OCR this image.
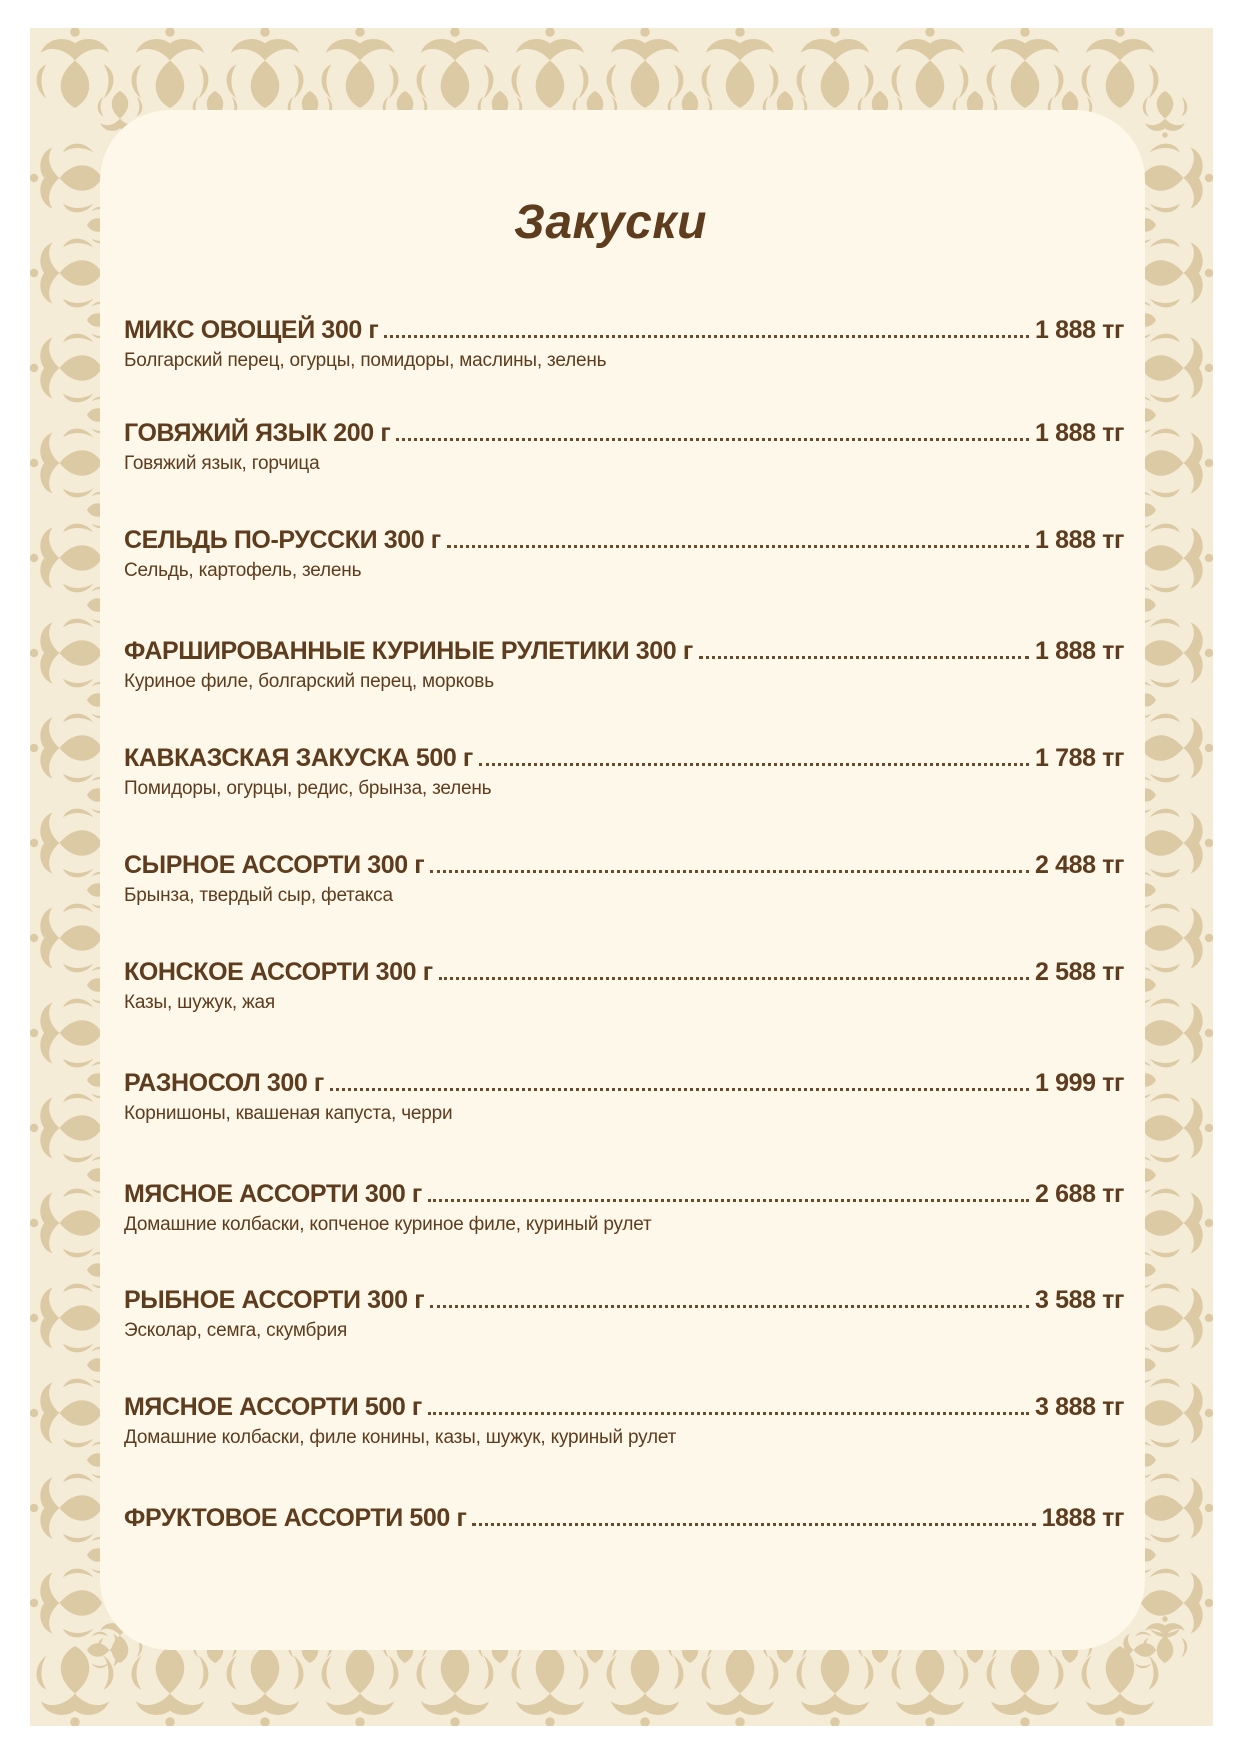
Закуски
МИКС ОВОЩЕЙ 300 г	1 888 тг
Болгарский перец, огурцы, помидоры, маслины, зелень
ГОВЯЖИЙ ЯЗЫК 200 г	1 888 тг
Говяжий язык, горчица
СЕЛЬДЬ ПО-РУССКИ 300 г	1 888 тг
Сельдь, картофель, зелень
ФАРШИРОВАННЫЕ КУРИНЫЕ РУЛЕТИКИ 300 г	1 888 тг
Куриное филе, болгарский перец, морковь
КАВКАЗСКАЯ ЗАКУСКА 500 г	1 788 тг
Помидоры, огурцы, редис, брынза, зелень
СЫРНОЕ АССОРТИ 300 г	2 488 тг
Брынза, твердый сыр, фетакса
КОНСКОЕ АССОРТИ 300 г	2 588 тг
Казы, шужук, жая
РАЗНОСОЛ 300 г	1 999 тг
Корнишоны, квашеная капуста, черри
МЯСНОЕ АССОРТИ 300 г	2 688 тг
Домашние колбаски, копченое куриное филе, куриный рулет
РЫБНОЕ АССОРТИ 300 г	3 588 тг
Эсколар, семга, скумбрия
МЯСНОЕ АССОРТИ 500 г	3 888 тг
Домашние колбаски, филе конины, казы, шужук, куриный рулет
ФРУКТОВОЕ АССОРТИ 500 г	1888 тг
